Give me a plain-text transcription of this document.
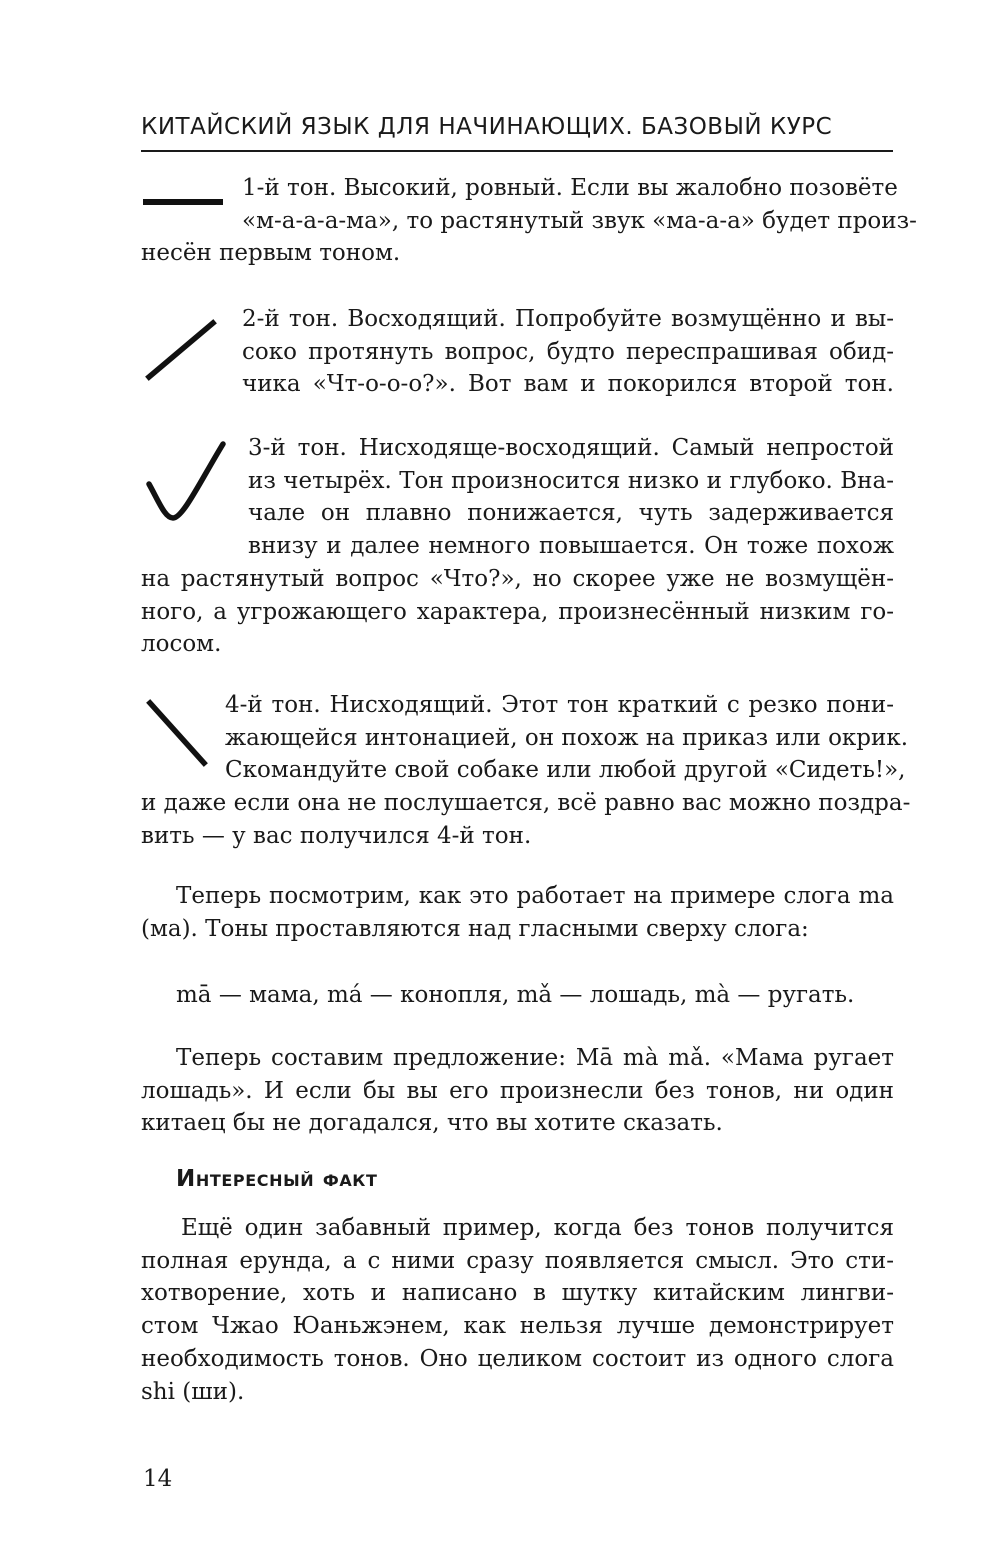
КИТАЙСКИЙ ЯЗЫК ДЛЯ НАЧИНАЮЩИХ. БАЗОВЫЙ КУРС
1-й тон. Высокий, ровный. Если вы жалобно позовёте
«м-а-а-а-ма», то растянутый звук «ма-а-а» будет произ-
несён первым тоном.
2-й тон. Восходящий. Попробуйте возмущённо и вы-
соко протянуть вопрос, будто переспрашивая обид-
чика «Чт-о-о-о?». Вот вам и покорился второй тон.
3-й тон. Нисходяще-восходящий. Самый непростой
из четырёх. Тон произносится низко и глубоко. Вна-
чале он плавно понижается, чуть задерживается
внизу и далее немного повышается. Он тоже похож
на растянутый вопрос «Что?», но скорее уже не возмущён-
ного, а угрожающего характера, произнесённый низким го-
лосом.
4-й тон. Нисходящий. Этот тон краткий с резко пони-
жающейся интонацией, он похож на приказ или окрик.
Скомандуйте свой собаке или любой другой «Сидеть!»,
и даже если она не послушается, всё равно вас можно поздра-
вить — у вас получился 4-й тон.
Теперь посмотрим, как это работает на примере слога ma
(ма). Тоны проставляются над гласными сверху слога:
mā — мама, má — конопля, mǎ — лошадь, mà — ругать.
Теперь составим предложение: Mā mà mǎ. «Мама ругает
лошадь». И если бы вы его произнесли без тонов, ни один
китаец бы не догадался, что вы хотите сказать.
Интересный факт
Ещё один забавный пример, когда без тонов получится
полная ерунда, а с ними сразу появляется смысл. Это сти-
хотворение, хоть и написано в шутку китайским лингви-
стом Чжао Юаньжэнем, как нельзя лучше демонстрирует
необходимость тонов. Оно целиком состоит из одного слога
shi (ши).
14
